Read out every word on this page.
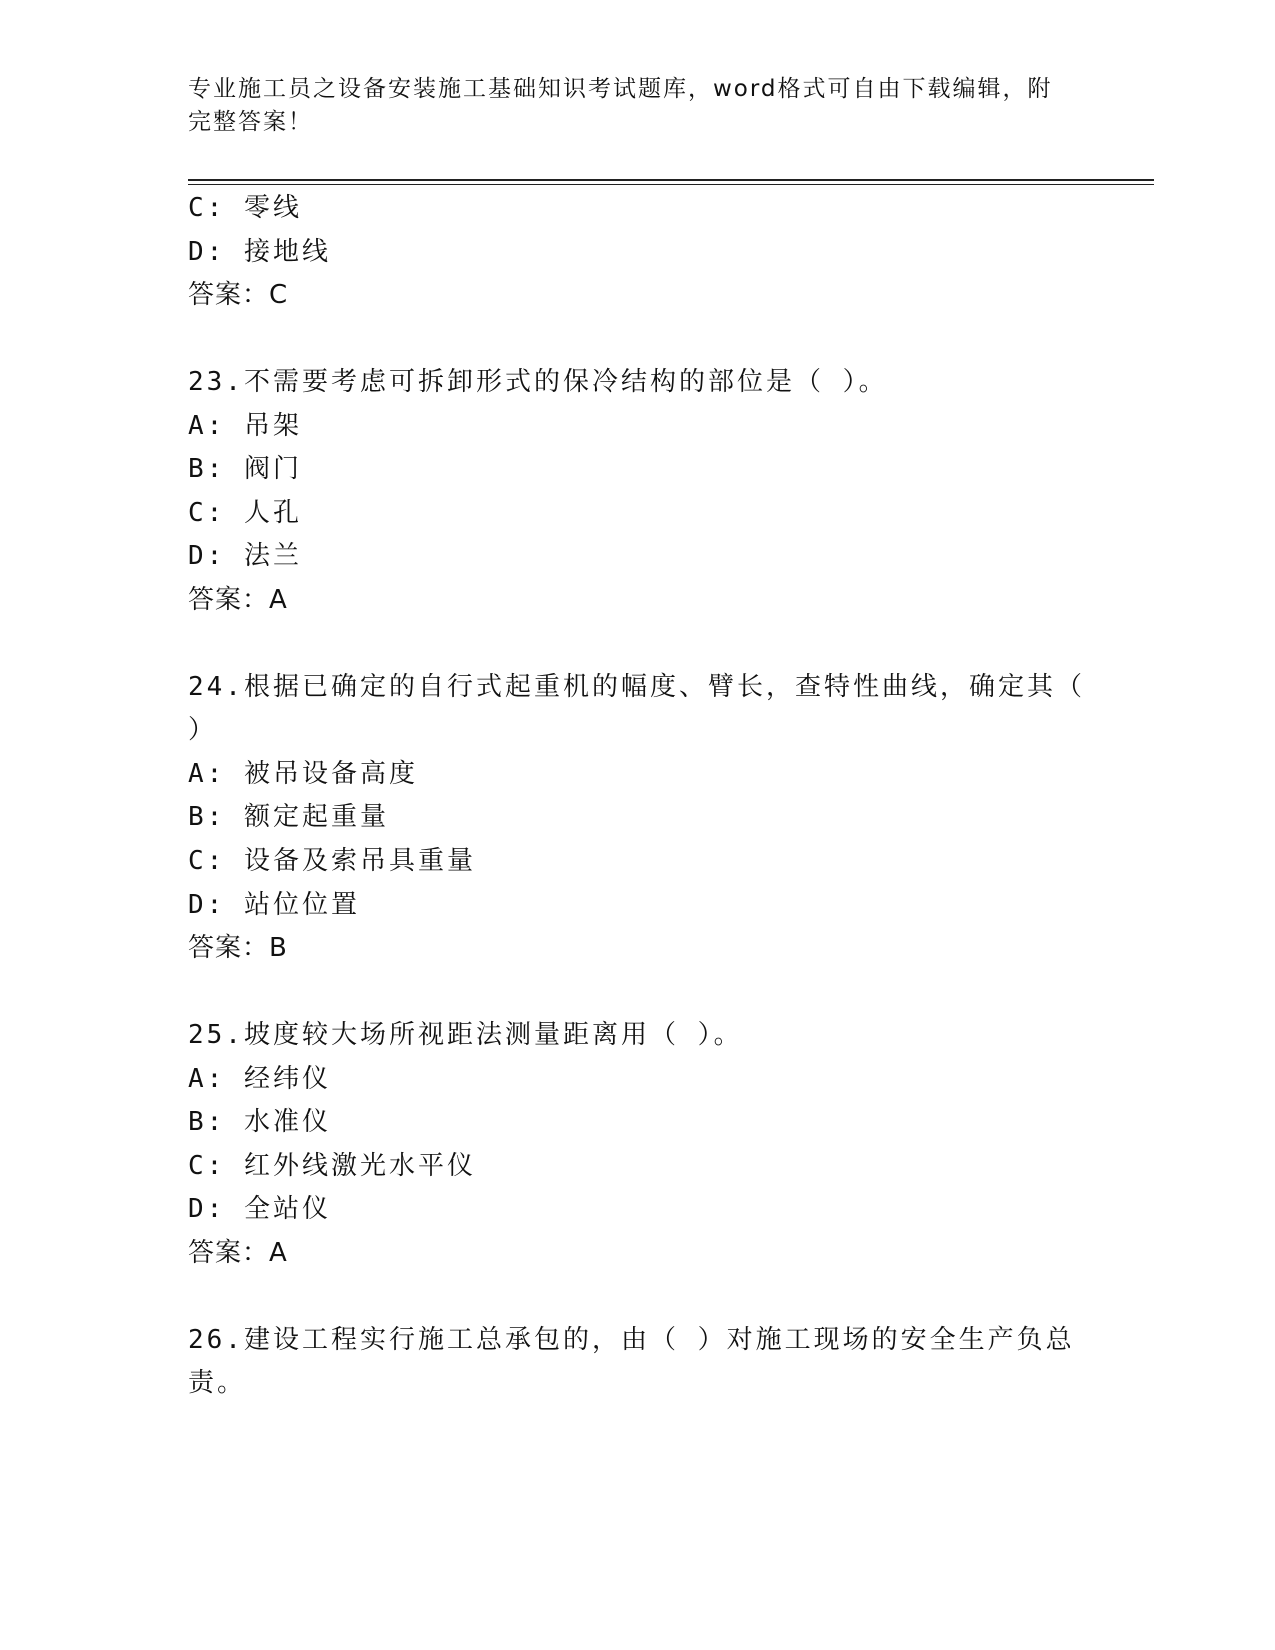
专业施工员之设备安装施工基础知识考试题库，word格式可自由下载编辑，附完整答案！
C: 零线
D: 接地线
答案：C
23.不需要考虑可拆卸形式的保冷结构的部位是（ ）。
A: 吊架
B: 阀门
C: 人孔
D: 法兰
答案：A
24.根据已确定的自行式起重机的幅度、臂长，查特性曲线，确定其（
）
A: 被吊设备高度
B: 额定起重量
C: 设备及索吊具重量
D: 站位位置
答案：B
25.坡度较大场所视距法测量距离用（ ）。
A: 经纬仪
B: 水准仪
C: 红外线激光水平仪
D: 全站仪
答案：A
26.建设工程实行施工总承包的，由（ ）对施工现场的安全生产负总
责。
